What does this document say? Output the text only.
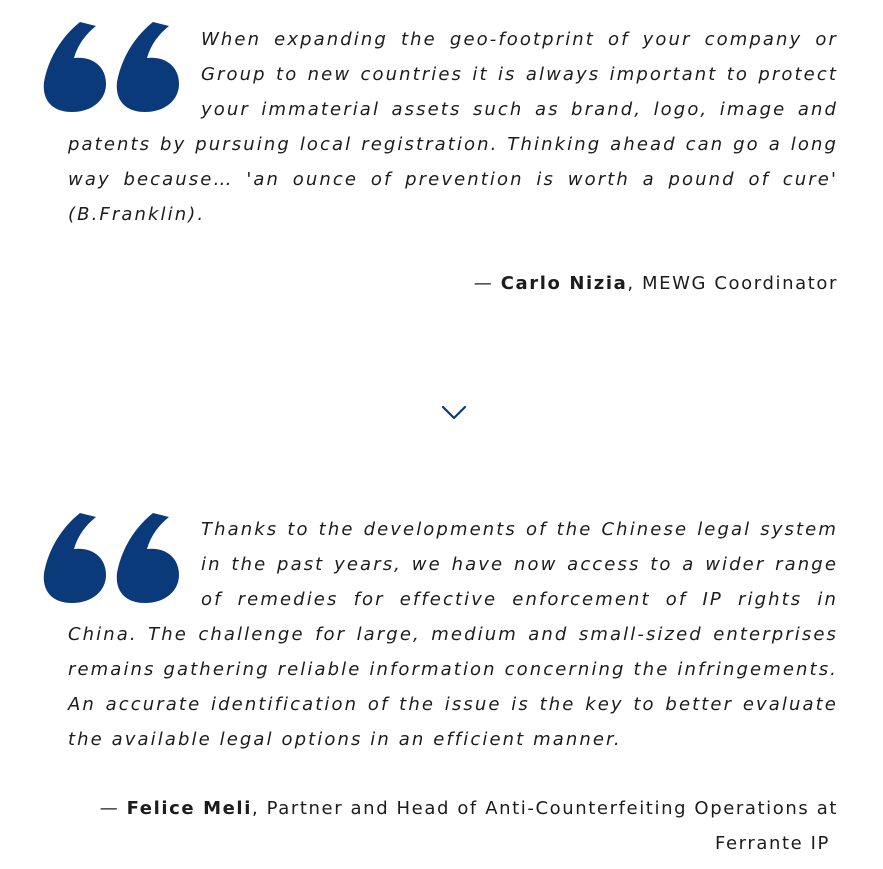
When expanding the geo-footprint of your company or Group to new countries it is always important to protect your immaterial assets such as brand, logo, image and patents by pursuing local registration. Thinking ahead can go a long way because… 'an ounce of prevention is worth a pound of cure' (B.Franklin).

— Carlo Nizia, MEWG Coordinator

Thanks to the developments of the Chinese legal system in the past years, we have now access to a wider range of remedies for effective enforcement of IP rights in China. The challenge for large, medium and small-sized enterprises remains gathering reliable information concerning the infringements. An accurate identification of the issue is the key to better evaluate the available legal options in an efficient manner.

— Felice Meli, Partner and Head of Anti-Counterfeiting Operations at
Ferrante IP
